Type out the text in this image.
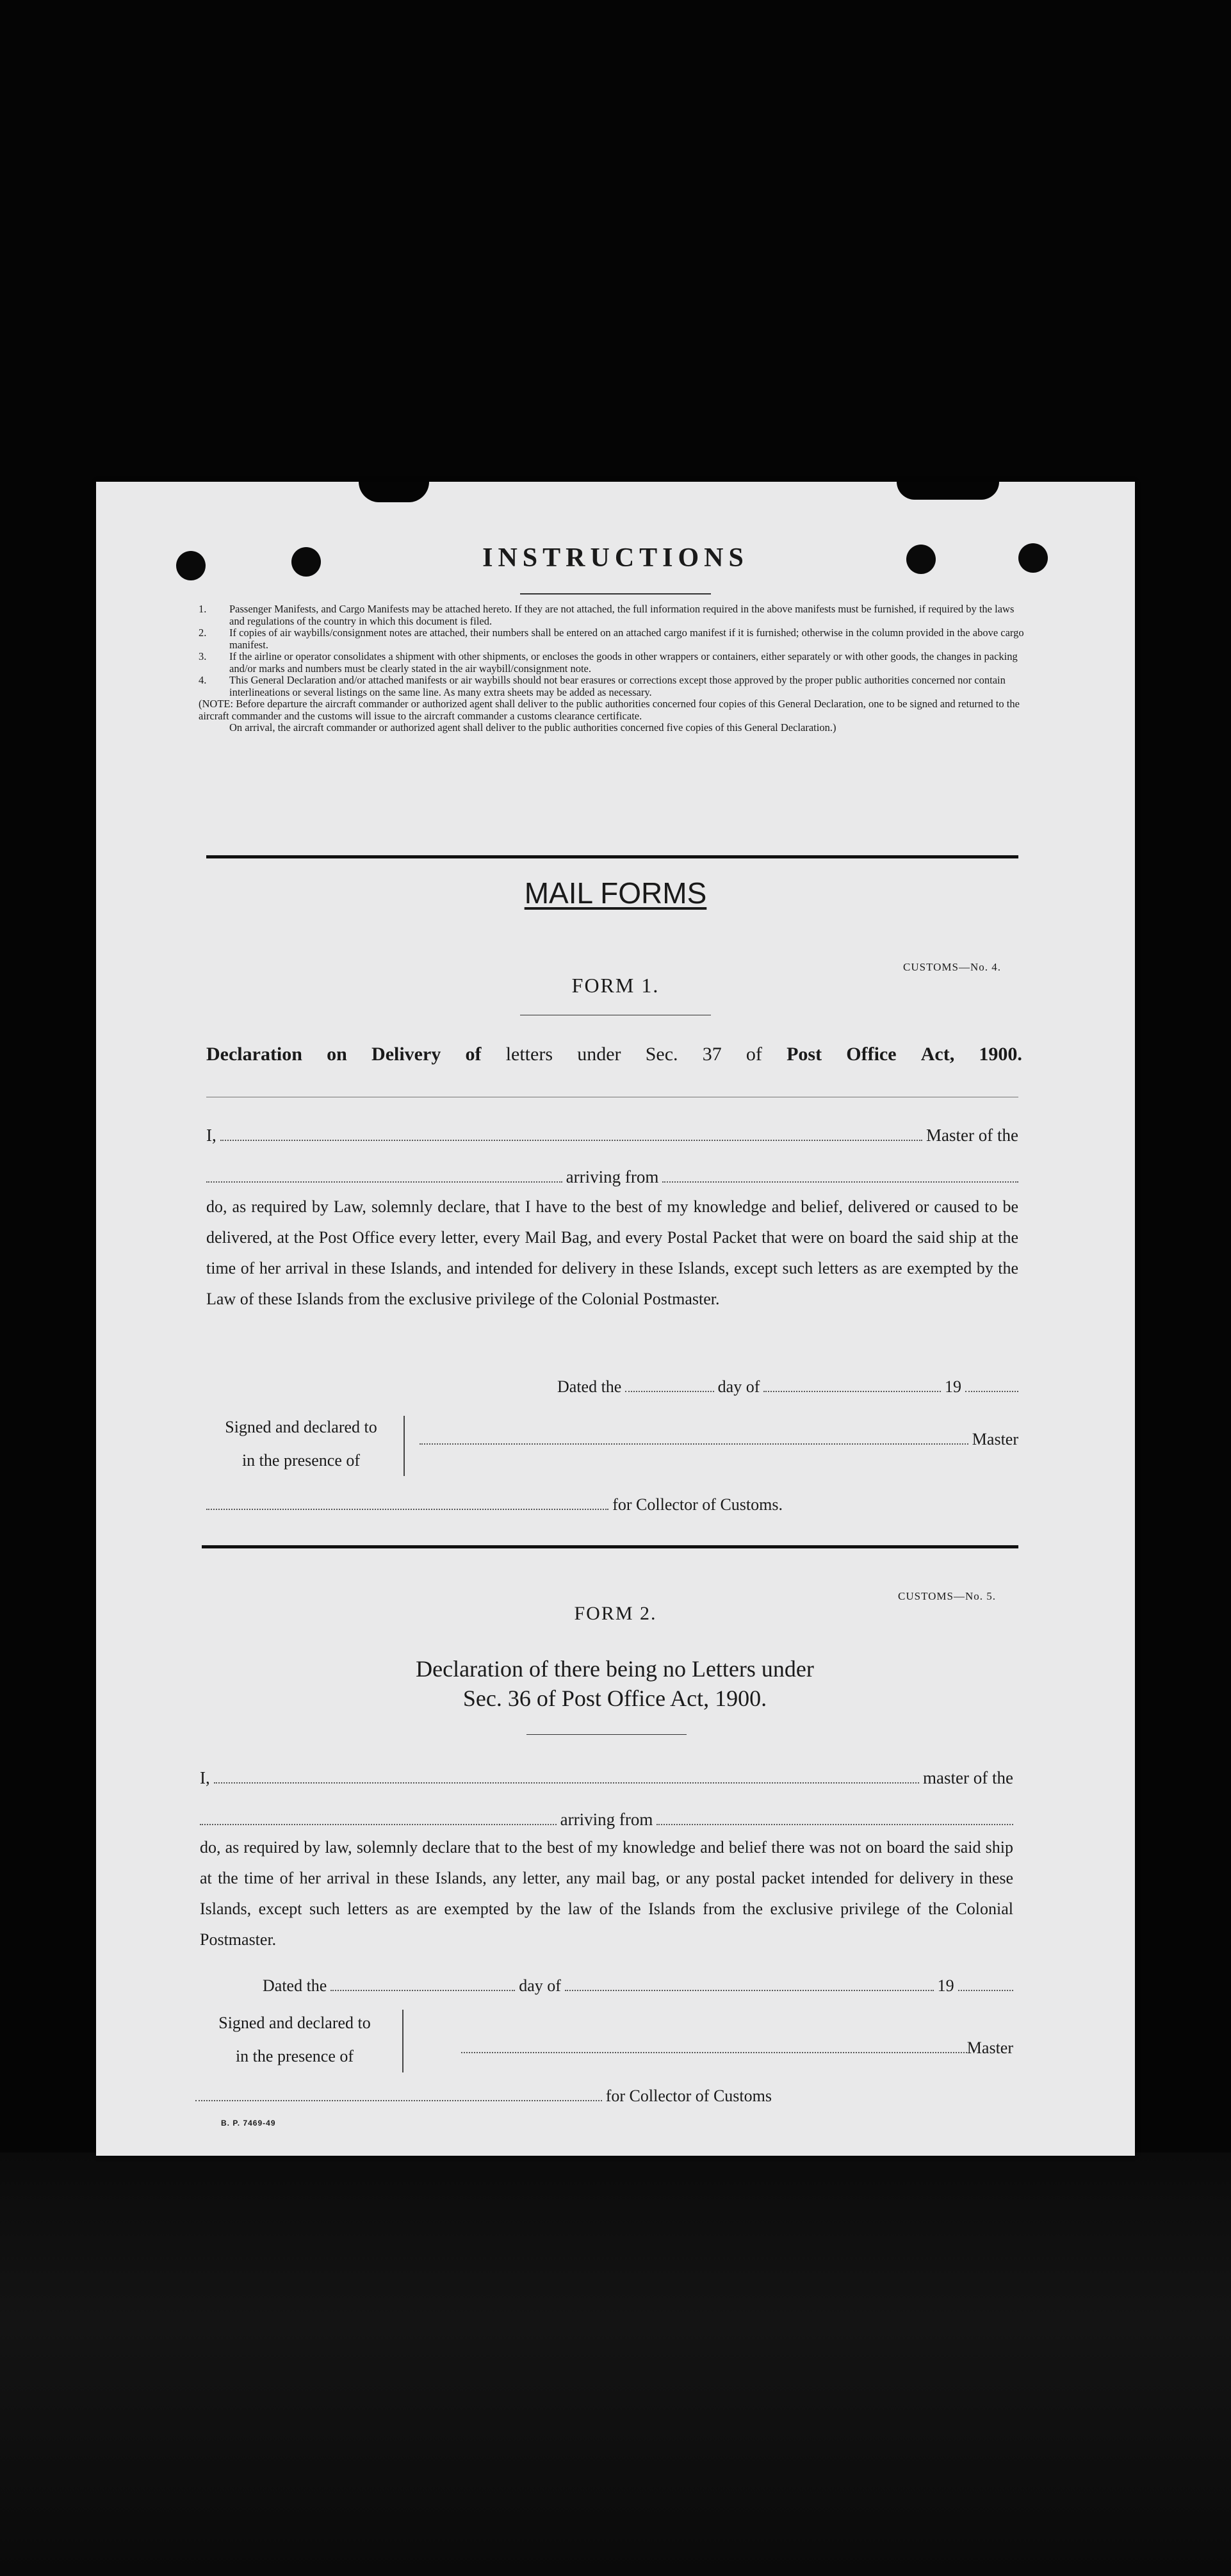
INSTRUCTIONS
1. Passenger Manifests, and Cargo Manifests may be attached hereto. If they are not attached, the full information required in the above manifests must be furnished, if required by the laws and regulations of the country in which this document is filed.
2. If copies of air waybills/consignment notes are attached, their numbers shall be entered on an attached cargo manifest if it is furnished; otherwise in the column provided in the above cargo manifest.
3. If the airline or operator consolidates a shipment with other shipments, or encloses the goods in other wrappers or containers, either separately or with other goods, the changes in packing and/or marks and numbers must be clearly stated in the air waybill/consignment note.
4. This General Declaration and/or attached manifests or air waybills should not bear erasures or corrections except those approved by the proper public authorities concerned nor contain interlineations or several listings on the same line. As many extra sheets may be added as necessary.
(NOTE: Before departure the aircraft commander or authorized agent shall deliver to the public authorities concerned four copies of this General Declaration, one to be signed and returned to the aircraft commander and the customs will issue to the aircraft commander a customs clearance certificate.
On arrival, the aircraft commander or authorized agent shall deliver to the public authorities concerned five copies of this General Declaration.)
MAIL FORMS
CUSTOMS—No. 4.
FORM 1.
Declaration on Delivery of letters under Sec. 37 of Post Office Act, 1900.
I,	Master of the
arriving from
do, as required by Law, solemnly declare, that I have to the best of my knowledge and belief, delivered or caused to be delivered, at the Post Office every letter, every Mail Bag, and every Postal Packet that were on board the said ship at the time of her arrival in these Islands, and intended for delivery in these Islands, except such letters as are exempted by the Law of these Islands from the exclusive privilege of the Colonial Postmaster.
Dated the	day of	19
Signed and declared to
in the presence of
Master
for Collector of Customs.
CUSTOMS—No. 5.
FORM 2.
Declaration of there being no Letters under
Sec. 36 of Post Office Act, 1900.
I,	master of the
arriving from
do, as required by law, solemnly declare that to the best of my knowledge and belief there was not on board the said ship at the time of her arrival in these Islands, any letter, any mail bag, or any postal packet intended for delivery in these Islands, except such letters as are exempted by the law of the Islands from the exclusive privilege of the Colonial Postmaster.
Dated the	day of	19
Signed and declared to
in the presence of	Master
for Collector of Customs
B. P. 7469-49
